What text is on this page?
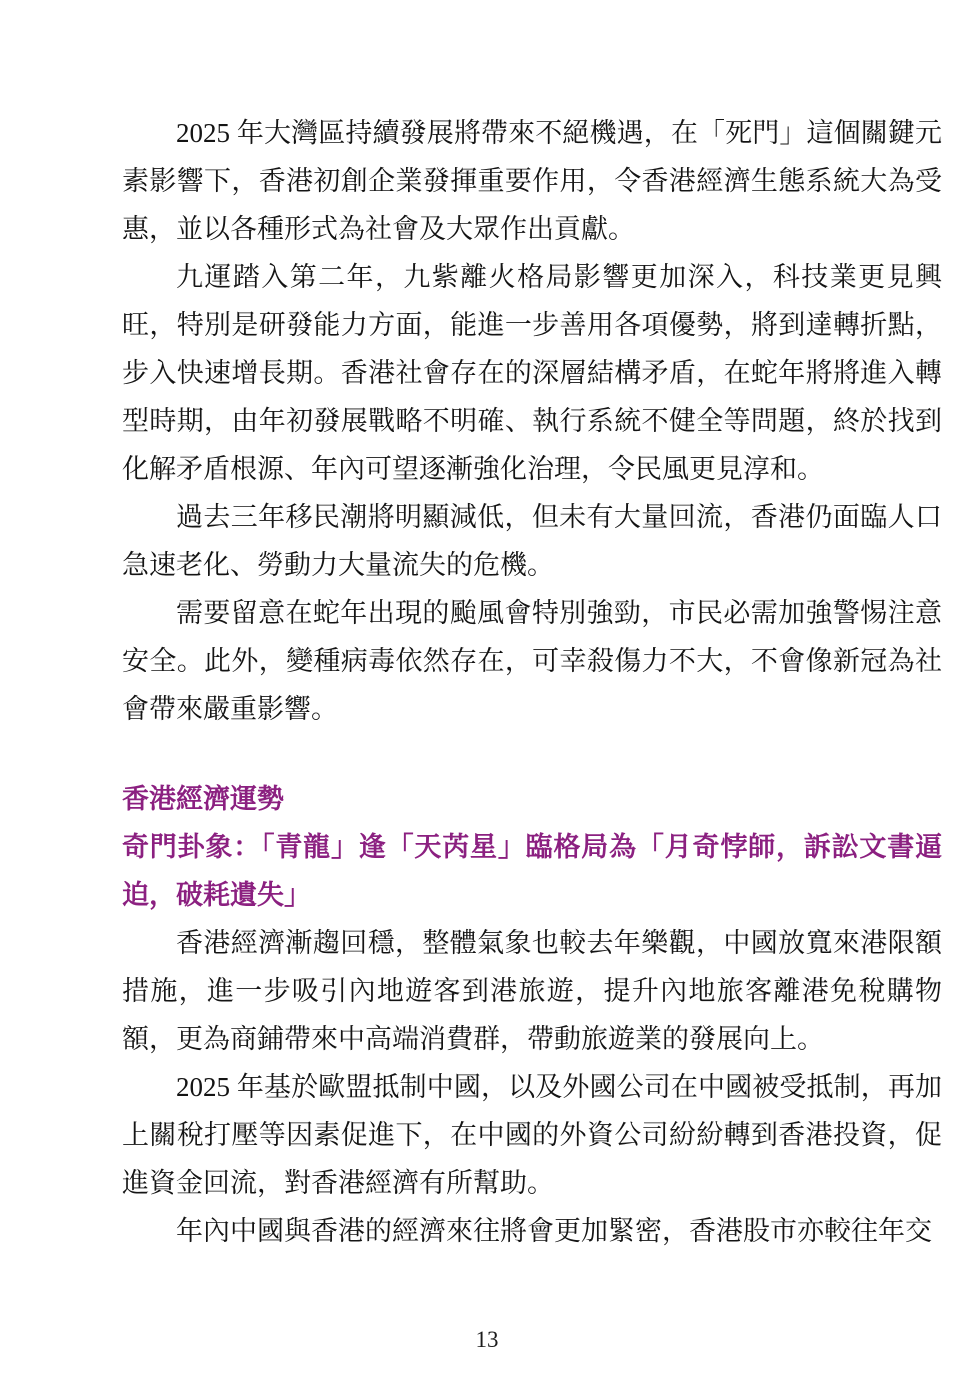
2025 年大灣區持續發展將帶來不絕機遇，在「死門」這個關鍵元素影響下，香港初創企業發揮重要作用，令香港經濟生態系統大為受惠，並以各種形式為社會及大眾作出貢獻。

九運踏入第二年，九紫離火格局影響更加深入，科技業更見興旺，特別是研發能力方面，能進一步善用各項優勢，將到達轉折點，步入快速增長期。香港社會存在的深層結構矛盾，在蛇年將將進入轉型時期，由年初發展戰略不明確、執行系統不健全等問題，終於找到化解矛盾根源、年內可望逐漸強化治理，令民風更見淳和。

過去三年移民潮將明顯減低，但未有大量回流，香港仍面臨人口急速老化、勞動力大量流失的危機。

需要留意在蛇年出現的颱風會特別強勁，市民必需加強警惕注意安全。此外，變種病毒依然存在，可幸殺傷力不大，不會像新冠為社會帶來嚴重影響。

香港經濟運勢

奇門卦象：「青龍」逢「天芮星」臨格局為「月奇悖師，訴訟文書逼迫，破耗遺失」

香港經濟漸趨回穩，整體氣象也較去年樂觀，中國放寬來港限額措施，進一步吸引內地遊客到港旅遊，提升內地旅客離港免稅購物額，更為商鋪帶來中高端消費群，帶動旅遊業的發展向上。

2025 年基於歐盟抵制中國，以及外國公司在中國被受抵制，再加上關稅打壓等因素促進下，在中國的外資公司紛紛轉到香港投資，促進資金回流，對香港經濟有所幫助。

年內中國與香港的經濟來往將會更加緊密，香港股市亦較往年交

13
